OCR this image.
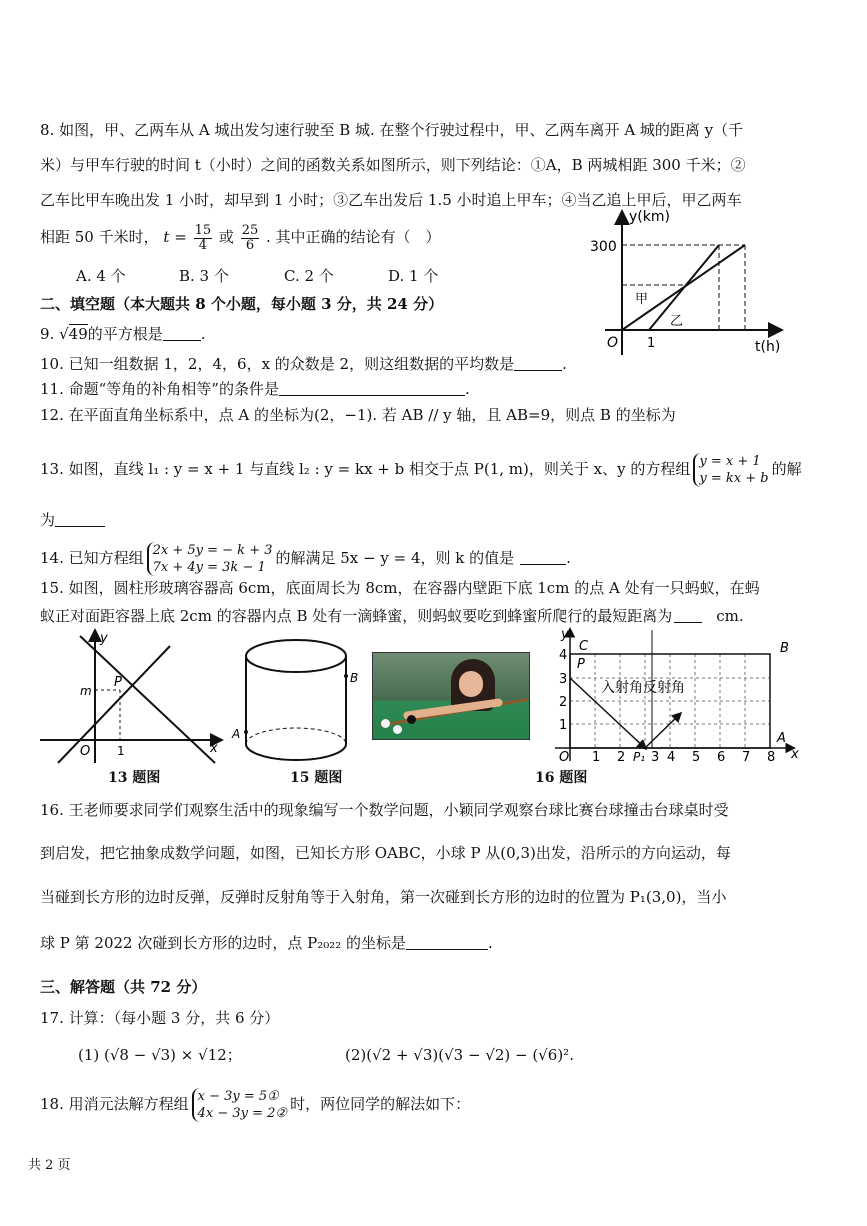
8. 如图，甲、乙两车从 A 城出发匀速行驶至 B 城. 在整个行驶过程中，甲、乙两车离开 A 城的距离 y（千
米）与甲车行驶的时间 t（小时）之间的函数关系如图所示，则下列结论：①A，B 两城相距 300 千米；②
乙车比甲车晚出发 1 小时，却早到 1 小时；③乙车出发后 1.5 小时追上甲车；④当乙追上甲后，甲乙两车
相距 50 千米时， $t = \frac{15}{4}$ 或 $\frac{25}{6}$ . 其中正确的结论有（　）
A. 4 个	B. 3 个	C. 2 个	D. 1 个
y(km)
t(h)
O 1
300
甲
乙
二、填空题（本大题共 8 个小题，每小题 3 分，共 24 分）
9. √49的平方根是	.
10. 已知一组数据 1，2，4，6，x 的众数是 2，则这组数据的平均数是	.
11. 命题“等角的补角相等”的条件是	.
12. 在平面直角坐标系中，点 A 的坐标为(2，−1). 若 AB // y 轴，且 AB=9，则点 B 的坐标为
13. 如图，直线 l₁ : y = x + 1 与直线 l₂ : y = kx + b 相交于点 P(1, m)，则关于 x、y 的方程组 y = x + 1
y = kx + b
的解
为
14. 已知方程组 2x + 5y = − k + 3
7x + 4y = 3k − 1
的解满足 5x − y = 4，则 k 的值是	.
15. 如图，圆柱形玻璃容器高 6cm，底面周长为 8cm，在容器内壁距下底 1cm 的点 A 处有一只蚂蚁，在蚂
蚁正对面距容器上底 2cm 的容器内点 B 处有一滴蜂蜜，则蚂蚁要吃到蜂蜜所爬行的最短距离为	cm.
y
x
P
m
O 1
13 题图
B
A
15 题图
入射角反射角
y
x
C	B
P
A
O	P₁
1 2 3 4 5 6 7 8
1
2
3
4
16 题图
16. 王老师要求同学们观察生活中的现象编写一个数学问题，小颖同学观察台球比赛台球撞击台球桌时受
到启发，把它抽象成数学问题，如图，已知长方形 OABC，小球 P 从(0,3)出发，沿所示的方向运动，每
当碰到长方形的边时反弹，反弹时反射角等于入射角，第一次碰到长方形的边时的位置为 P₁(3,0)，当小
球 P 第 2022 次碰到长方形的边时，点 P₂₀₂₂ 的坐标是	.
三、解答题（共 72 分）
17. 计算：（每小题 3 分，共 6 分）
(1) (√8 − √3) × √12；	(2)(√2 + √3)(√3 − √2) − (√6)².
18. 用消元法解方程组 x − 3y = 5①
4x − 3y = 2②
时，两位同学的解法如下：
共 2 页
